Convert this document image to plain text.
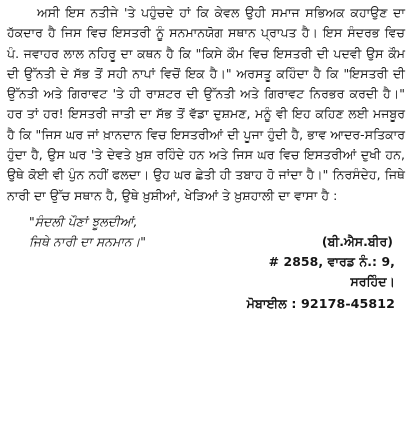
ਅਸੀ ਇਸ ਨਤੀਜੇ 'ਤੇ ਪਹੁੰਚਦੇ ਹਾਂ ਕਿ ਕੇਵਲ ਉਹੀ ਸਮਾਜ ਸਭਿਅਕ ਕਹਾਉਣ ਦਾ ਹੱਕਦਾਰ ਹੈ ਜਿਸ ਵਿਚ ਇਸਤਰੀ ਨੂੰ ਸਨਮਾਨਯੋਗ ਸਥਾਨ ਪ੍ਰਾਪਤ ਹੈ। ਇਸ ਸੰਦਰਭ ਵਿਚ ਪੰ. ਜਵਾਹਰ ਲਾਲ ਨਹਿਰੂ ਦਾ ਕਥਨ ਹੈ ਕਿ "ਕਿਸੇ ਕੌਮ ਵਿਚ ਇਸਤਰੀ ਦੀ ਪਦਵੀ ਉਸ ਕੌਮ ਦੀ ਉੱਨਤੀ ਦੇ ਸੱਭ ਤੋਂ ਸਹੀ ਨਾਪਾਂ ਵਿਚੋਂ ਇਕ ਹੈ।" ਅਰਸਤੂ ਕਹਿੰਦਾ ਹੈ ਕਿ "ਇਸਤਰੀ ਦੀ ਉੱਨਤੀ ਅਤੇ ਗਿਰਾਵਟ 'ਤੇ ਹੀ ਰਾਸ਼ਟਰ ਦੀ ਉੱਨਤੀ ਅਤੇ ਗਿਰਾਵਟ ਨਿਰਭਰ ਕਰਦੀ ਹੈ।" ਹਰ ਤਾਂ ਹਰ! ਇਸਤਰੀ ਜਾਤੀ ਦਾ ਸੱਭ ਤੋਂ ਵੱਡਾ ਦੁਸ਼ਮਣ, ਮਨੂੰ ਵੀ ਇਹ ਕਹਿਣ ਲਈ ਮਜਬੂਰ ਹੈ ਕਿ "ਜਿਸ ਘਰ ਜਾਂ ਖ਼ਾਨਦਾਨ ਵਿਚ ਇਸਤਰੀਆਂ ਦੀ ਪੂਜਾ ਹੁੰਦੀ ਹੈ, ਭਾਵ ਆਦਰ-ਸਤਿਕਾਰ ਹੁੰਦਾ ਹੈ, ਉਸ ਘਰ 'ਤੇ ਦੇਵਤੇ ਖ਼ੁਸ਼ ਰਹਿੰਦੇ ਹਨ ਅਤੇ ਜਿਸ ਘਰ ਵਿਚ ਇਸਤਰੀਆਂ ਦੁਖੀ ਹਨ, ਉਥੇ ਕੋਈ ਵੀ ਪੁੰਨ ਨਹੀਂ ਫਲਦਾ। ਉਹ ਘਰ ਛੇਤੀ ਹੀ ਤਬਾਹ ਹੋ ਜਾਂਦਾ ਹੈ।" ਨਿਰਸੰਦੇਹ, ਜਿਥੇ ਨਾਰੀ ਦਾ ਉੱਚ ਸਥਾਨ ਹੈ, ਉਥੇ ਖ਼ੁਸ਼ੀਆਂ, ਖੇੜਿਆਂ ਤੇ ਖ਼ੁਸ਼ਹਾਲੀ ਦਾ ਵਾਸਾ ਹੈ :

"ਸੰਦਲੀ ਪੌਣਾਂ ਝੂਲਦੀਆਂ,
ਜਿਥੇ ਨਾਰੀ ਦਾ ਸਨਮਾਨ।"	(ਬੀ.ਐਸ.ਬੀਰ)
# 2858, ਵਾਰਡ ਨੰ.: 9,
ਸਰਹਿੰਦ।
ਮੋਬਾਈਲ : 92178-45812
